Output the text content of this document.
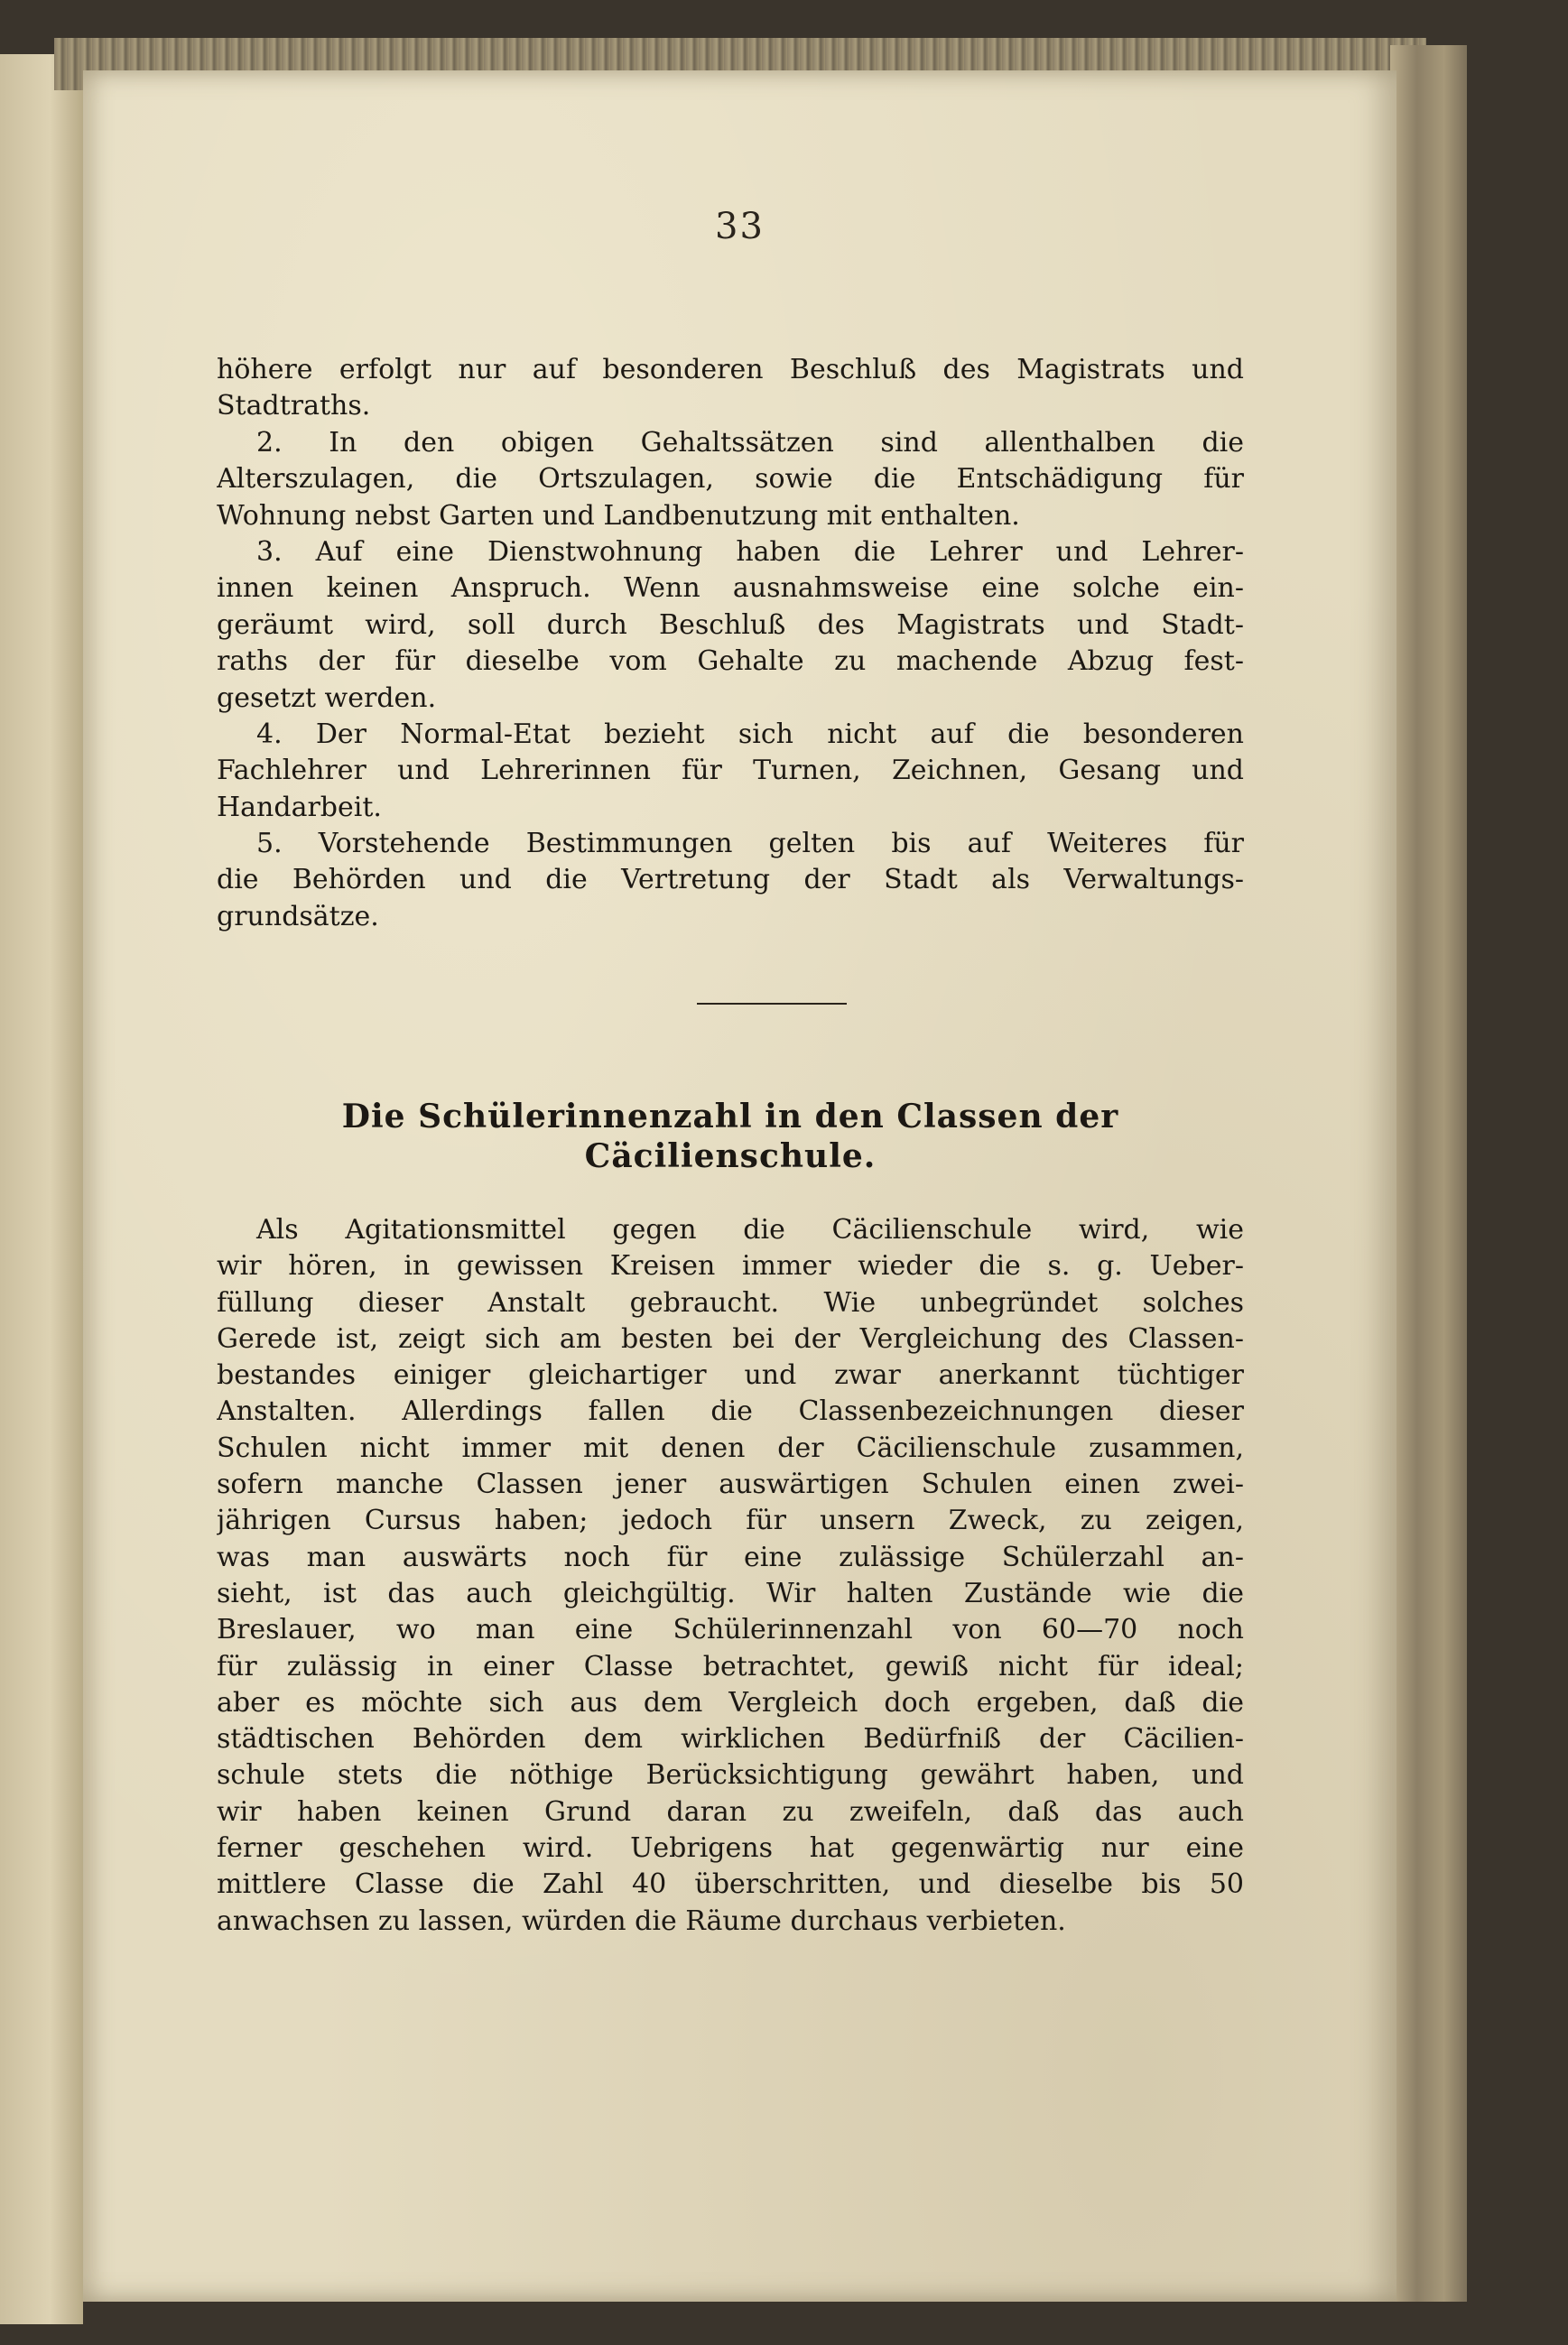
33
höhere erfolgt nur auf besonderen Beschluß des Magistrats und
Stadtraths.
2. In den obigen Gehaltssätzen sind allenthalben die
Alterszulagen, die Ortszulagen, sowie die Entschädigung für
Wohnung nebst Garten und Landbenutzung mit enthalten.
3. Auf eine Dienstwohnung haben die Lehrer und Lehrer-
innen keinen Anspruch. Wenn ausnahmsweise eine solche ein-
geräumt wird, soll durch Beschluß des Magistrats und Stadt-
raths der für dieselbe vom Gehalte zu machende Abzug fest-
gesetzt werden.
4. Der Normal-Etat bezieht sich nicht auf die besonderen
Fachlehrer und Lehrerinnen für Turnen, Zeichnen, Gesang und
Handarbeit.
5. Vorstehende Bestimmungen gelten bis auf Weiteres für
die Behörden und die Vertretung der Stadt als Verwaltungs-
grundsätze.
Die Schülerinnenzahl in den Classen der
Cäcilienschule.
Als Agitationsmittel gegen die Cäcilienschule wird, wie
wir hören, in gewissen Kreisen immer wieder die s. g. Ueber-
füllung dieser Anstalt gebraucht. Wie unbegründet solches
Gerede ist, zeigt sich am besten bei der Vergleichung des Classen-
bestandes einiger gleichartiger und zwar anerkannt tüchtiger
Anstalten. Allerdings fallen die Classenbezeichnungen dieser
Schulen nicht immer mit denen der Cäcilienschule zusammen,
sofern manche Classen jener auswärtigen Schulen einen zwei-
jährigen Cursus haben; jedoch für unsern Zweck, zu zeigen,
was man auswärts noch für eine zulässige Schülerzahl an-
sieht, ist das auch gleichgültig. Wir halten Zustände wie die
Breslauer, wo man eine Schülerinnenzahl von 60—70 noch
für zulässig in einer Classe betrachtet, gewiß nicht für ideal;
aber es möchte sich aus dem Vergleich doch ergeben, daß die
städtischen Behörden dem wirklichen Bedürfniß der Cäcilien-
schule stets die nöthige Berücksichtigung gewährt haben, und
wir haben keinen Grund daran zu zweifeln, daß das auch
ferner geschehen wird. Uebrigens hat gegenwärtig nur eine
mittlere Classe die Zahl 40 überschritten, und dieselbe bis 50
anwachsen zu lassen, würden die Räume durchaus verbieten.
